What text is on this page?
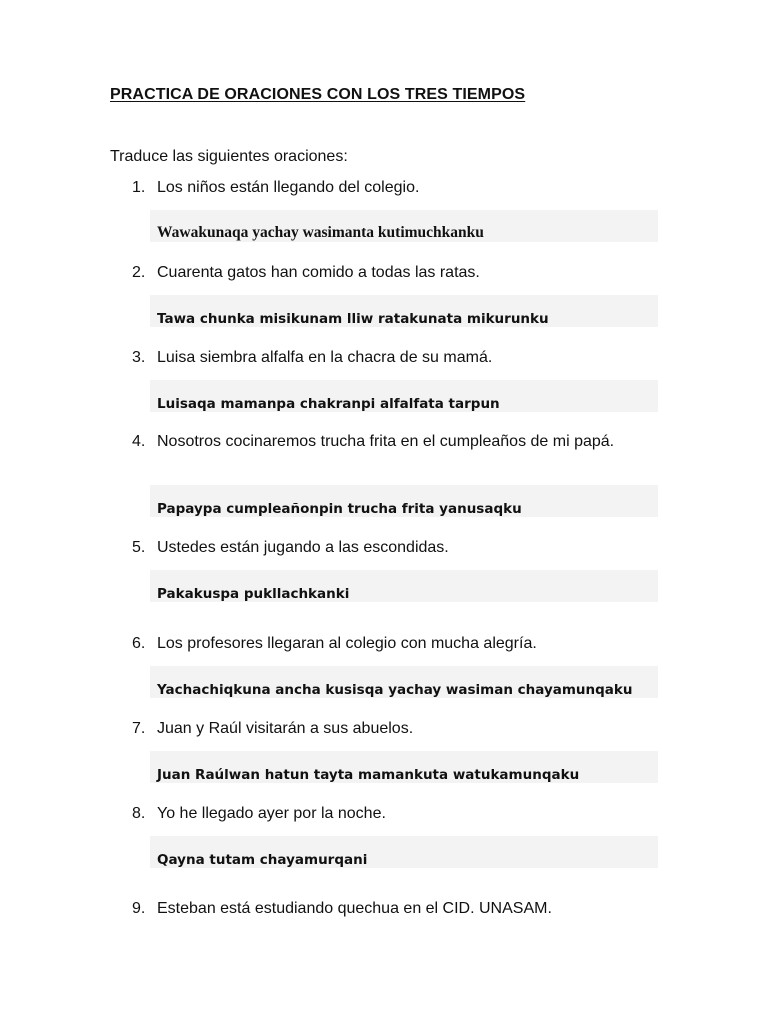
PRACTICA DE ORACIONES CON LOS TRES TIEMPOS
Traduce las siguientes oraciones:
1. Los niños están llegando del colegio.
Wawakunaqa yachay wasimanta kutimuchkanku
2. Cuarenta gatos han comido a todas las ratas.
Tawa chunka misikunam lliw ratakunata mikurunku
3. Luisa siembra alfalfa en la chacra de su mamá.
Luisaqa mamanpa chakranpi alfalfata tarpun
4. Nosotros cocinaremos trucha frita en el cumpleaños de mi papá.
Papaypa cumpleañonpin trucha frita yanusaqku
5. Ustedes están jugando a las escondidas.
Pakakuspa pukllachkanki
6. Los profesores llegaran al colegio con mucha alegría.
Yachachiqkuna ancha kusisqa yachay wasiman chayamunqaku
7. Juan y Raúl visitarán a sus abuelos.
Juan Raúlwan hatun tayta mamankuta watukamunqaku
8. Yo he llegado ayer por la noche.
Qayna tutam chayamurqani
9. Esteban está estudiando quechua en el CID. UNASAM.
